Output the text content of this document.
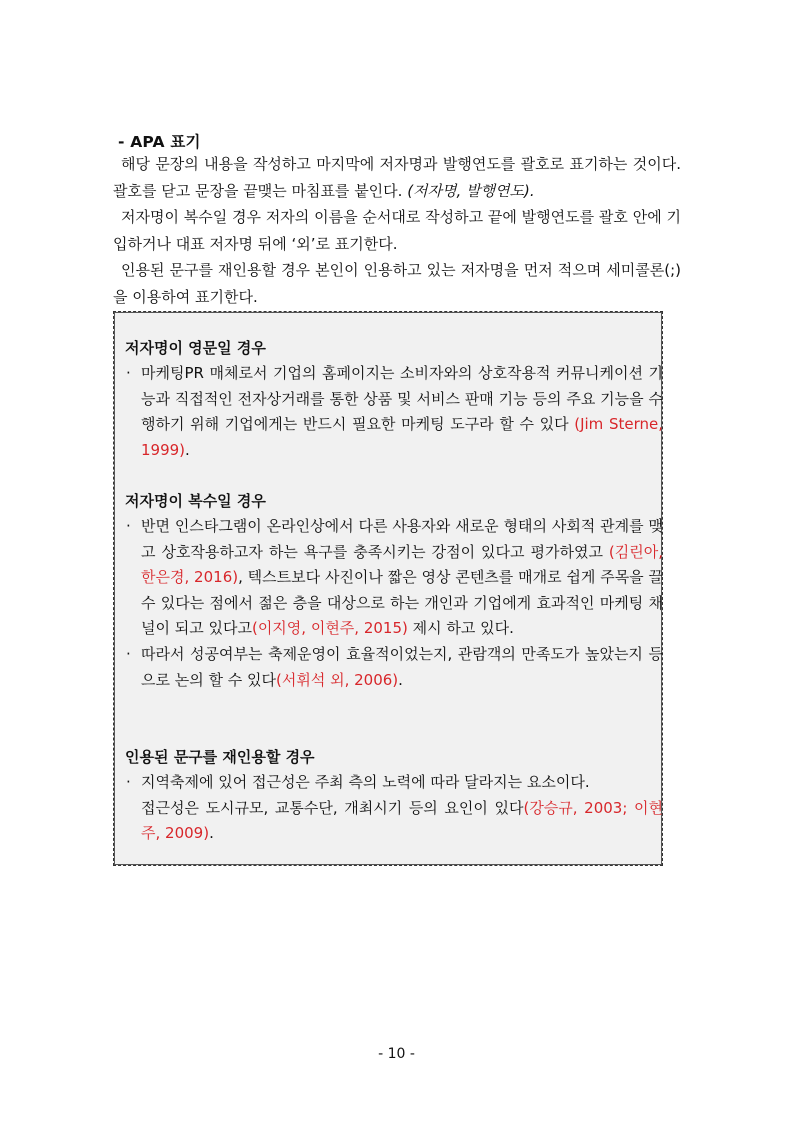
- APA 표기

해당 문장의 내용을 작성하고 마지막에 저자명과 발행연도를 괄호로 표기하는 것이다. 괄호를 닫고 문장을 끝맺는 마침표를 붙인다. (저자명, 발행연도).

저자명이 복수일 경우 저자의 이름을 순서대로 작성하고 끝에 발행연도를 괄호 안에 기입하거나 대표 저자명 뒤에 ‘외’로 표기한다.

인용된 문구를 재인용할 경우 본인이 인용하고 있는 저자명을 먼저 적으며 세미콜론(;)을 이용하여 표기한다.

저자명이 영문일 경우
· 마케팅PR 매체로서 기업의 홈페이지는 소비자와의 상호작용적 커뮤니케이션 기능과 직접적인 전자상거래를 통한 상품 및 서비스 판매 기능 등의 주요 기능을 수행하기 위해 기업에게는 반드시 필요한 마케팅 도구라 할 수 있다 (Jim Sterne, 1999).
저자명이 복수일 경우
· 반면 인스타그램이 온라인상에서 다른 사용자와 새로운 형태의 사회적 관계를 맺고 상호작용하고자 하는 욕구를 충족시키는 강점이 있다고 평가하였고 (김린아, 한은경, 2016), 텍스트보다 사진이나 짧은 영상 콘텐츠를 매개로 쉽게 주목을 끌 수 있다는 점에서 젊은 층을 대상으로 하는 개인과 기업에게 효과적인 마케팅 채널이 되고 있다고(이지영, 이현주, 2015) 제시 하고 있다.
· 따라서 성공여부는 축제운영이 효율적이었는지, 관람객의 만족도가 높았는지 등으로 논의 할 수 있다(서휘석 외, 2006).
인용된 문구를 재인용할 경우
· 지역축제에 있어 접근성은 주최 측의 노력에 따라 달라지는 요소이다.
접근성은 도시규모, 교통수단, 개최시기 등의 요인이 있다(강승규, 2003; 이현주, 2009).
- 10 -
